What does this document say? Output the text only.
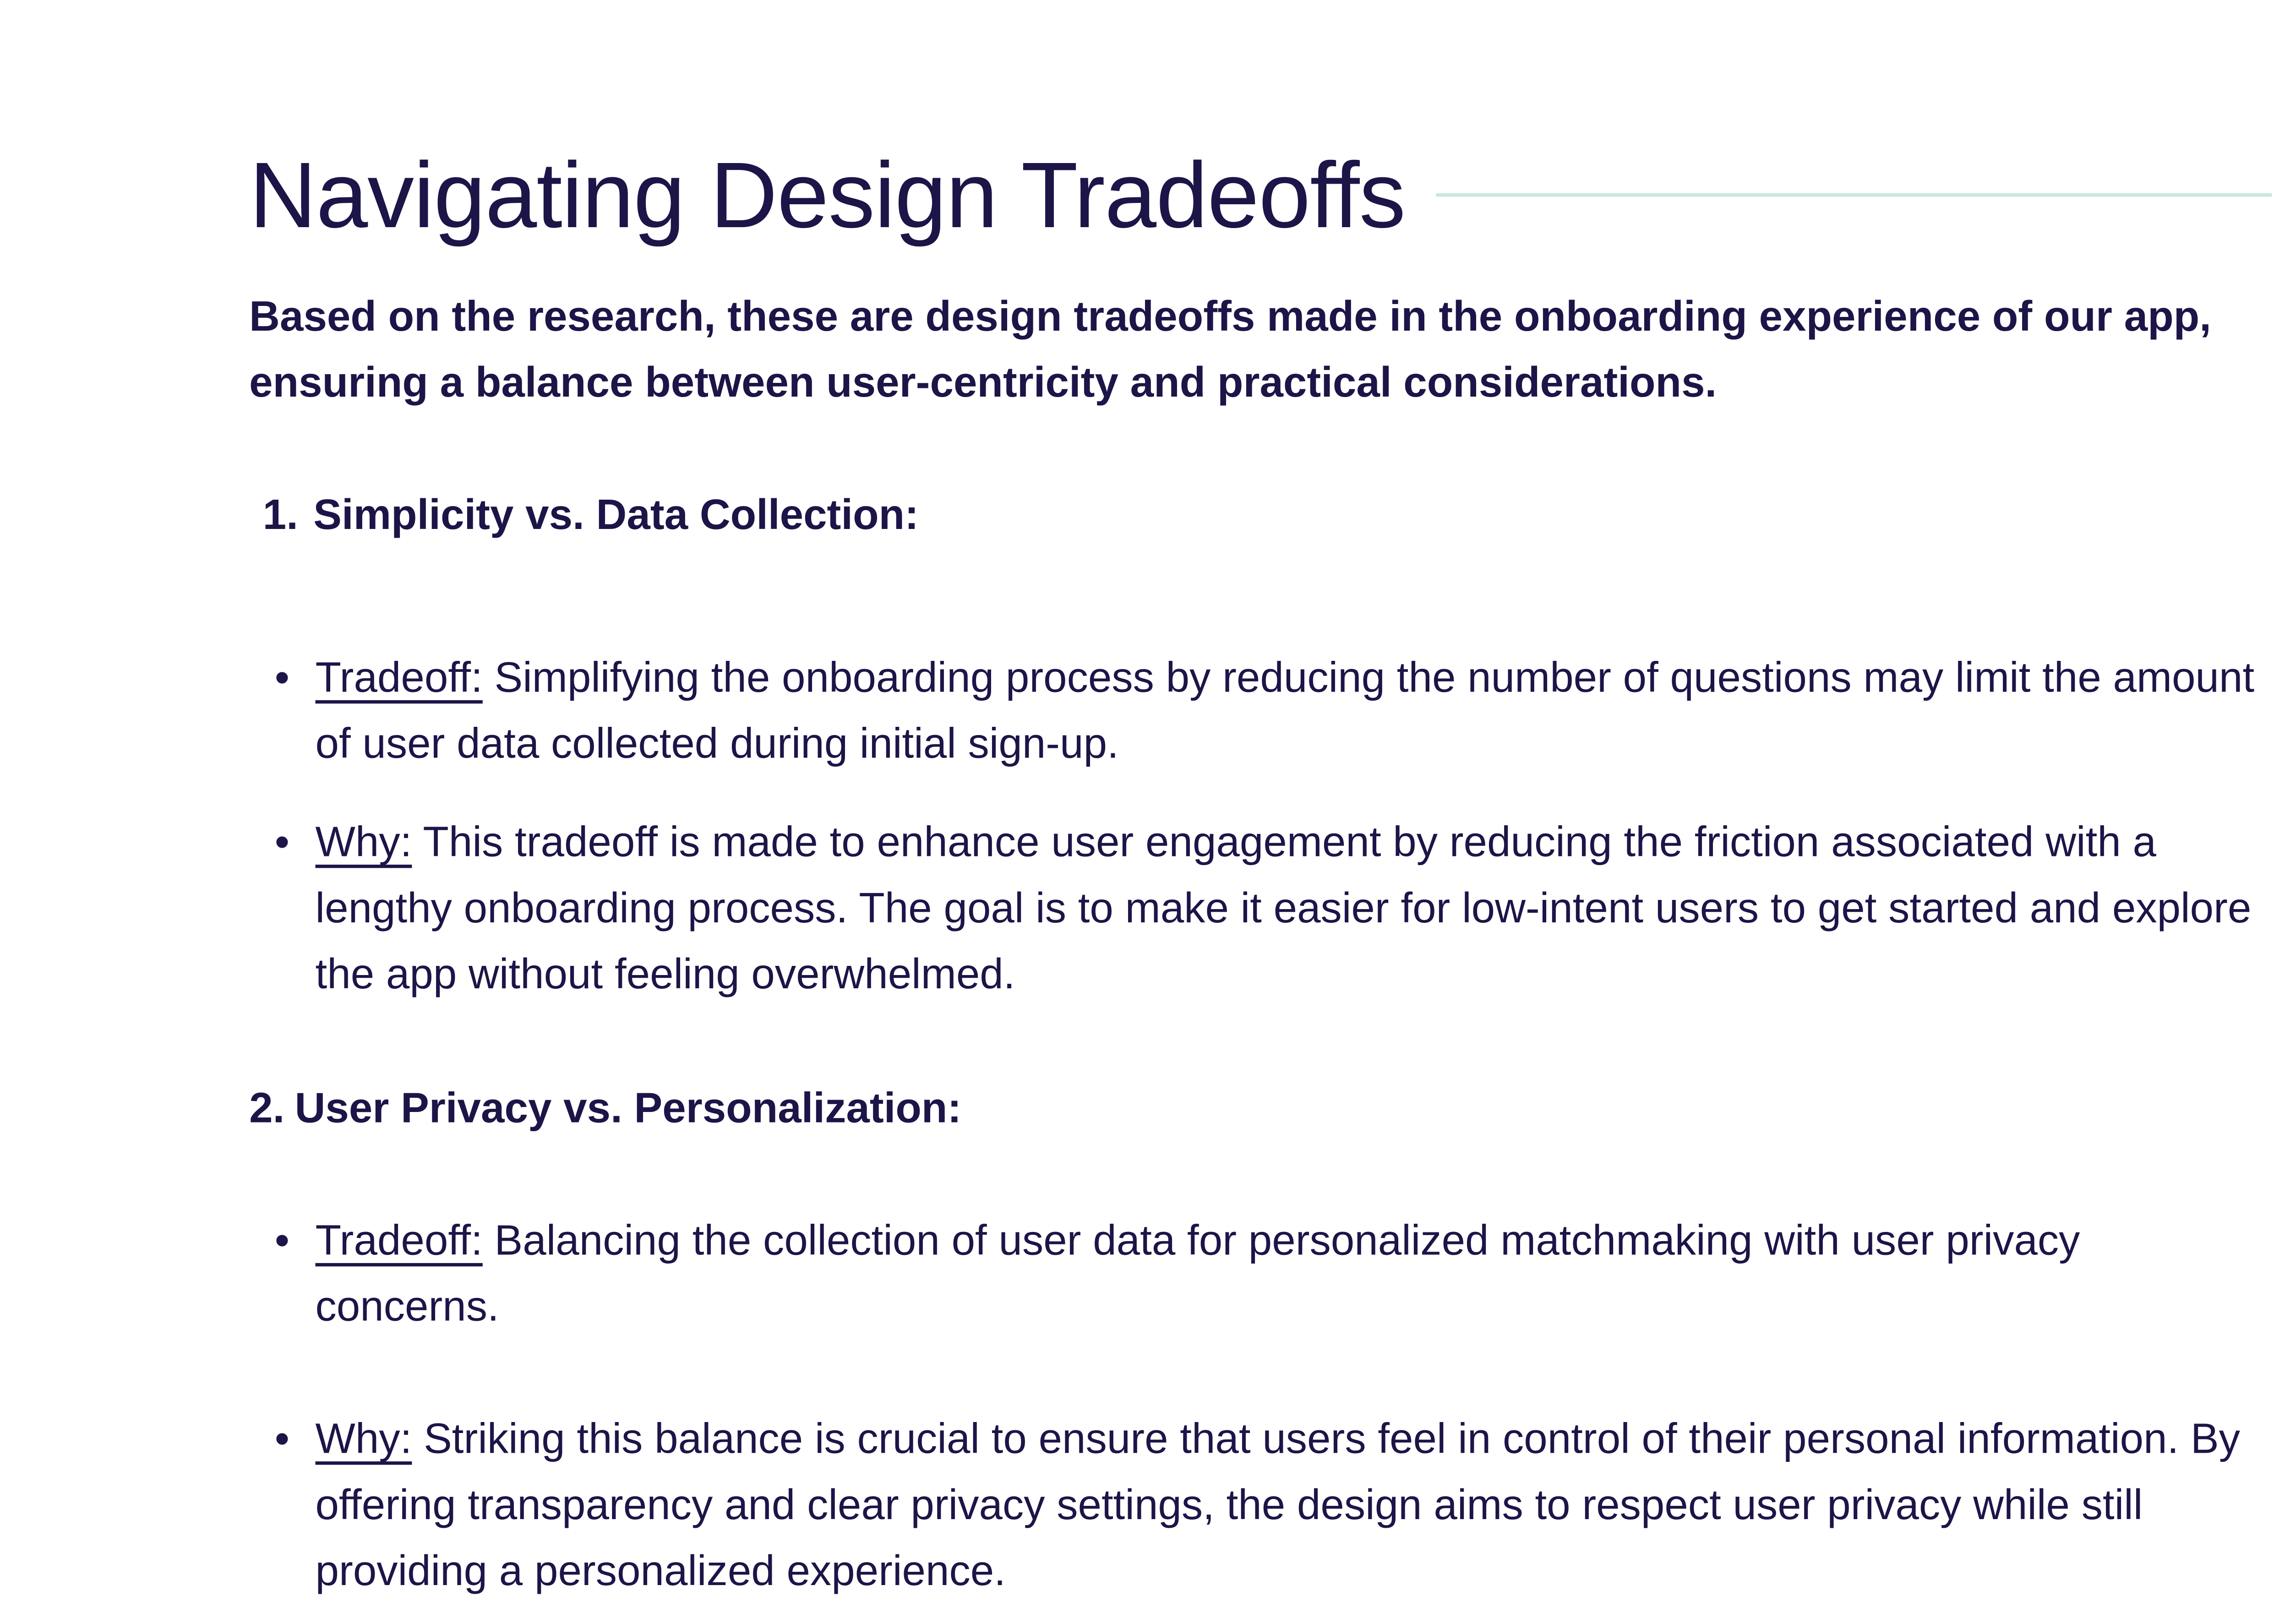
Navigating Design Tradeoffs

Based on the research, these are design tradeoffs made in the onboarding experience of our app, ensuring a balance between user-centricity and practical considerations.

1. Simplicity vs. Data Collection:

• Tradeoff: Simplifying the onboarding process by reducing the number of questions may limit the amount of user data collected during initial sign-up.

• Why: This tradeoff is made to enhance user engagement by reducing the friction associated with a lengthy onboarding process. The goal is to make it easier for low-intent users to get started and explore the app without feeling overwhelmed.

2. User Privacy vs. Personalization:

• Tradeoff: Balancing the collection of user data for personalized matchmaking with user privacy concerns.

• Why: Striking this balance is crucial to ensure that users feel in control of their personal information. By offering transparency and clear privacy settings, the design aims to respect user privacy while still providing a personalized experience.
